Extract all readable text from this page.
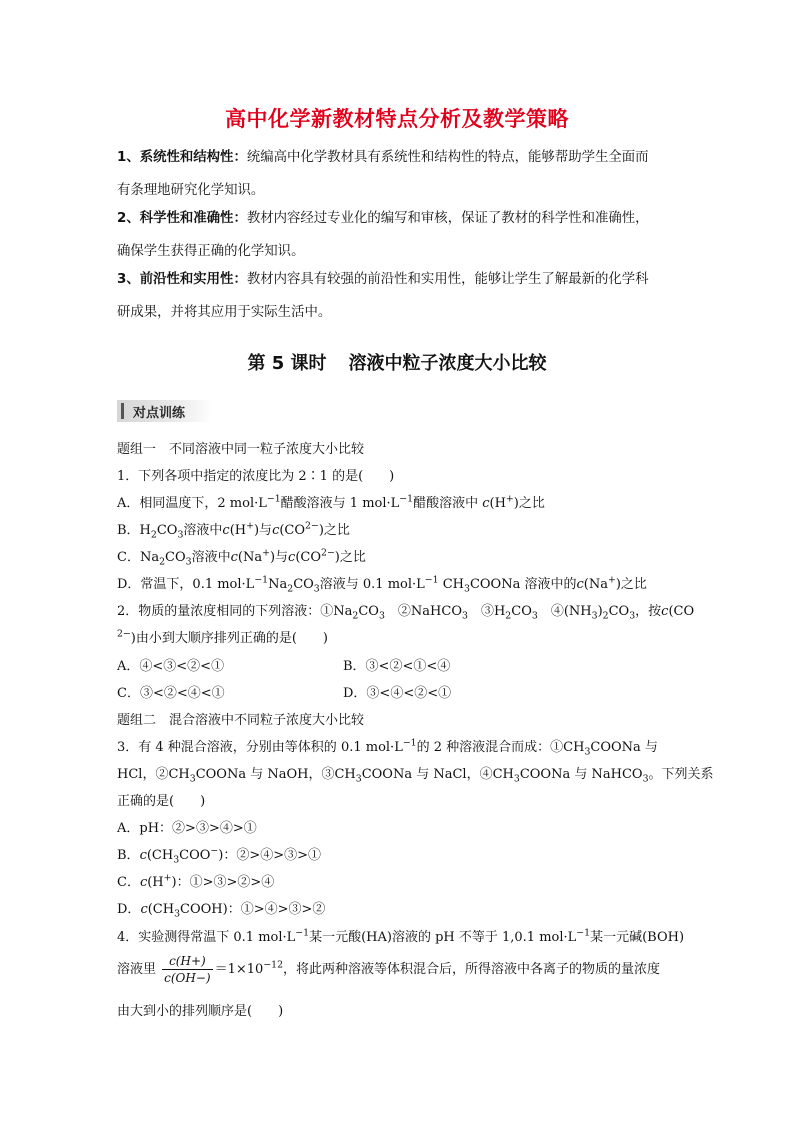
高中化学新教材特点分析及教学策略
1、系统性和结构性：统编高中化学教材具有系统性和结构性的特点，能够帮助学生全面而
有条理地研究化学知识。
2、科学性和准确性：教材内容经过专业化的编写和审核，保证了教材的科学性和准确性，
确保学生获得正确的化学知识。
3、前沿性和实用性：教材内容具有较强的前沿性和实用性，能够让学生了解最新的化学科
研成果，并将其应用于实际生活中。
第 5 课时 溶液中粒子浓度大小比较
对点训练
题组一　不同溶液中同一粒子浓度大小比较
1．下列各项中指定的浓度比为 2∶1 的是(　　)
A．相同温度下，2 $mol\cdot L^{-1}$醋酸溶液与 1 $mol\cdot L^{-1}$醋酸溶液中 c(H+)之比
B．$H_2CO_3$溶液中c(H+)与$c(CO^{2-})$之比
C．$Na_2CO_3$溶液中c(Na+)与$c(CO^{2-})$之比
D．常温下，0.1 $mol\cdot L^{-1}Na_2CO_3$溶液与 0.1 $mol\cdot L^{-1}$ $CH_3COONa$ 溶液中的c(Na+)之比
2．物质的量浓度相同的下列溶液：$①Na_2CO_3$　②NaHCO$_3$　$③H_2CO_3$　$④(NH_3)_2CO_3$，按c(CO
$^{2-}$)由小到大顺序排列正确的是(　　)
A．④<③<②<①	B．③<②<①<④
C．③<②<④<①	D．③<④<②<①
题组二　混合溶液中不同粒子浓度大小比较
3．有 4 种混合溶液，分别由等体积的 0.1 $mol\cdot L^{-1}$的 2 种溶液混合而成：$①CH_3COONa$ 与
HCl，$②CH_3COONa$ 与 NaOH，$③CH_3COONa$ 与 NaCl，$④CH_3COONa$ 与 NaHCO$_3$。下列关系
正确的是(　　)
A．pH：②>③>④>①
B．$c(CH_3COO^-)$：②>④>③>①
C．c(H+)：①>③>②>④
D．$c(CH_3COOH)$：①>④>③>②
4．实验测得常温下 0.1 $mol\cdot L^{-1}$某一元酸(HA)溶液的 pH 不等于 1,0.1 $mol\cdot L^{-1}$某一元碱(BOH)
溶液里 $\frac{c(H+)}{c(OH-)} =1\times 10^{-12}$，将此两种溶液等体积混合后，所得溶液中各离子的物质的量浓度
由大到小的排列顺序是(　　)
